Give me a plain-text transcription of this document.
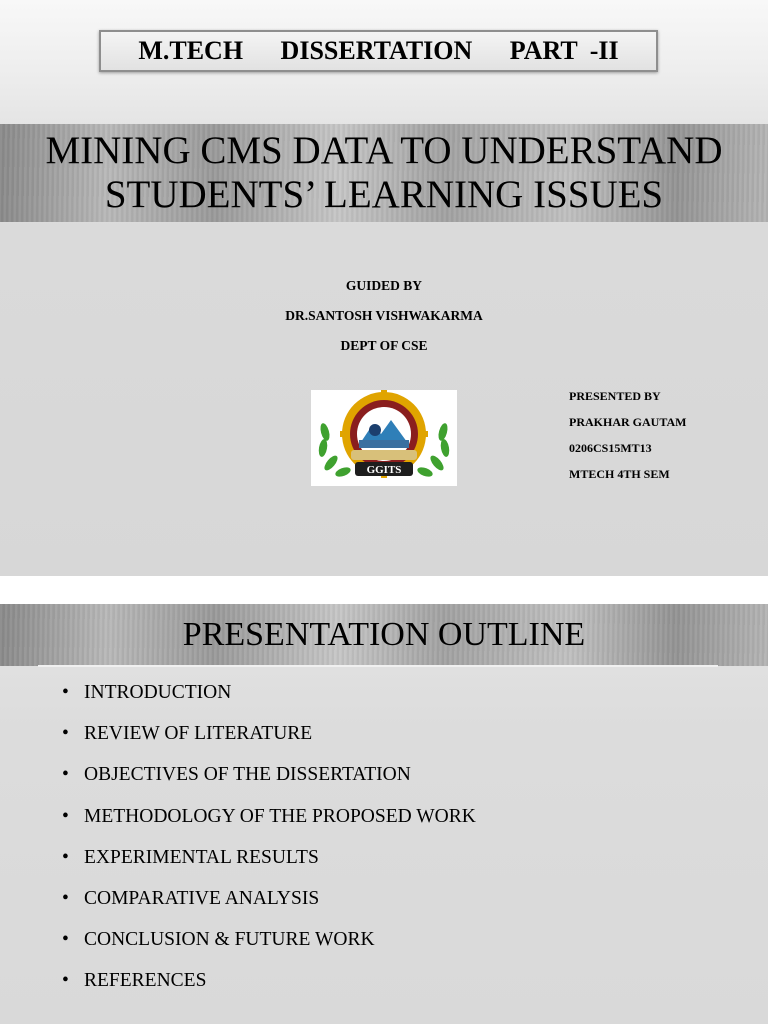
M.TECH   DISSERTATION   PART -II
MINING CMS DATA TO UNDERSTAND
STUDENTS’ LEARNING ISSUES
GUIDED BY
DR.SANTOSH VISHWAKARMA
DEPT OF CSE
GGITS
PRESENTED BY
PRAKHAR GAUTAM
0206CS15MT13
MTECH 4TH SEM
PRESENTATION OUTLINE
• INTRODUCTION
• REVIEW OF LITERATURE
• OBJECTIVES OF THE DISSERTATION
• METHODOLOGY OF THE PROPOSED WORK
• EXPERIMENTAL RESULTS
• COMPARATIVE ANALYSIS
• CONCLUSION & FUTURE WORK
• REFERENCES
